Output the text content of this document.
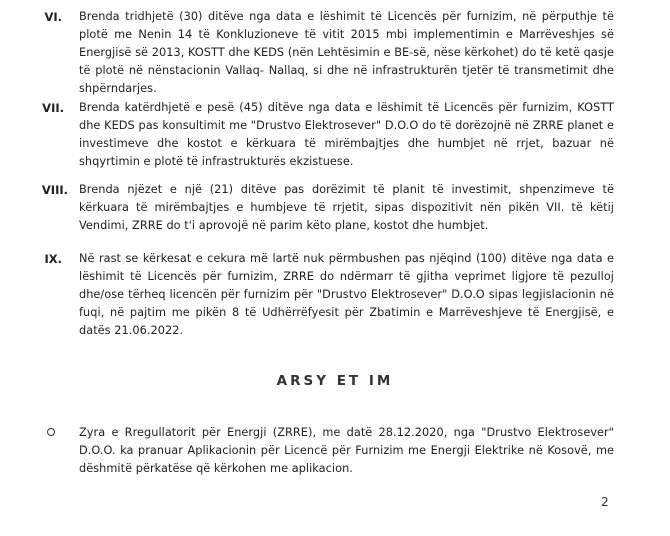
VI. Brenda tridhjetë (30) ditëve nga data e lëshimit të Licencës për furnizim, në përputhje të plotë me Nenin 14 të Konkluzioneve të vitit 2015 mbi implementimin e Marrëveshjes së Energjisë së 2013, KOSTT dhe KEDS (nën Lehtësimin e BE-së, nëse kërkohet) do të ketë qasje të plotë në nënstacionin Vallaq- Nallaq, si dhe në infrastrukturën tjetër të transmetimit dhe shpërndarjes.
VII. Brenda katërdhjetë e pesë (45) ditëve nga data e lëshimit të Licencës për furnizim, KOSTT dhe KEDS pas konsultimit me "Drustvo Elektrosever" D.O.O do të dorëzojnë në ZRRE planet e investimeve dhe kostot e kërkuara të mirëmbajtjes dhe humbjet në rrjet, bazuar në shqyrtimin e plotë të infrastrukturës ekzistuese.
VIII. Brenda njëzet e një (21) ditëve pas dorëzimit të planit të investimit, shpenzimeve të kërkuara të mirëmbajtjes e humbjeve të rrjetit, sipas dispozitivit nën pikën VII. të këtij Vendimi, ZRRE do t'i aprovojë në parim këto plane, kostot dhe humbjet.
IX. Në rast se kërkesat e cekura më lartë nuk përmbushen pas njëqind (100) ditëve nga data e lëshimit të Licencës për furnizim, ZRRE do ndërmarr të gjitha veprimet ligjore të pezulloj dhe/ose tërheq licencën për furnizim për "Drustvo Elektrosever" D.O.O sipas legjislacionin në fuqi, në pajtim me pikën 8 të Udhërrëfyesit për Zbatimin e Marrëveshjeve të Energjisë, e datës 21.06.2022.
ARSY ET IM
Zyra e Rregullatorit për Energji (ZRRE), me datë 28.12.2020, nga "Drustvo Elektrosever" D.O.O. ka pranuar Aplikacionin për Licencë për Furnizim me Energji Elektrike në Kosovë, me dëshmitë përkatëse që kërkohen me aplikacion.
2
